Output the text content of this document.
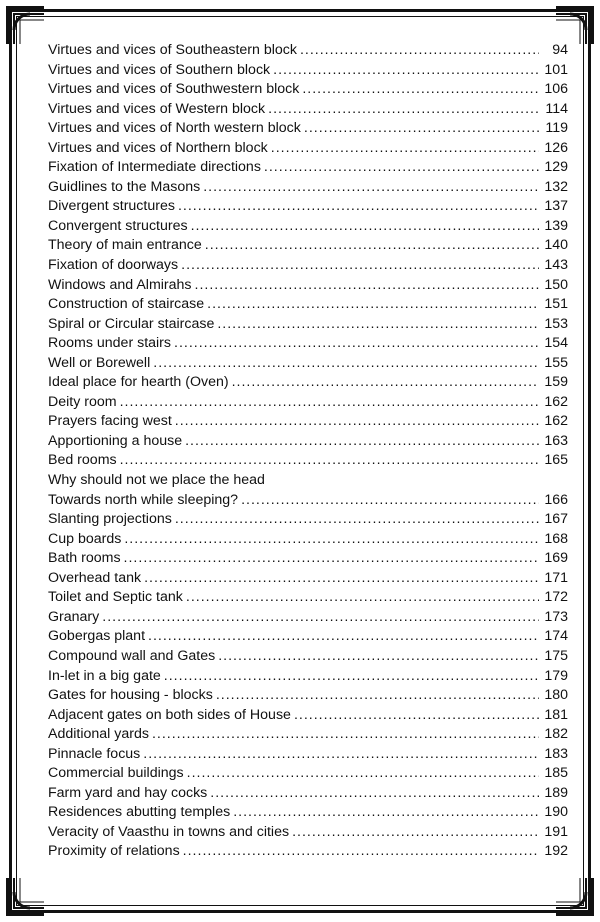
Virtues and vices of Southeastern block .....	94
Virtues and vices of Southern block .....	101
Virtues and vices of Southwestern block .....	106
Virtues and vices of Western block .....	114
Virtues and vices of North western block .....	119
Virtues and vices of Northern block .....	126
Fixation of Intermediate directions .....	129
Guidlines to the Masons .....	132
Divergent structures .....	137
Convergent structures .....	139
Theory of main entrance .....	140
Fixation of doorways .....	143
Windows and Almirahs .....	150
Construction of staircase .....	151
Spiral or Circular staircase .....	153
Rooms under stairs .....	154
Well or Borewell .....	155
Ideal place for hearth (Oven) .....	159
Deity room .....	162
Prayers facing west .....	162
Apportioning a house .....	163
Bed rooms .....	165
Why should not we place the head
Towards north while sleeping? .....	166
Slanting projections .....	167
Cup boards .....	168
Bath rooms .....	169
Overhead tank .....	171
Toilet and Septic tank .....	172
Granary .....	173
Gobergas plant .....	174
Compound wall and Gates .....	175
In-let in a big gate .....	179
Gates for housing - blocks .....	180
Adjacent gates on both sides of House .....	181
Additional yards .....	182
Pinnacle focus .....	183
Commercial buildings .....	185
Farm yard and hay cocks .....	189
Residences abutting temples .....	190
Veracity of Vaasthu in towns and cities .....	191
Proximity of relations .....	192
